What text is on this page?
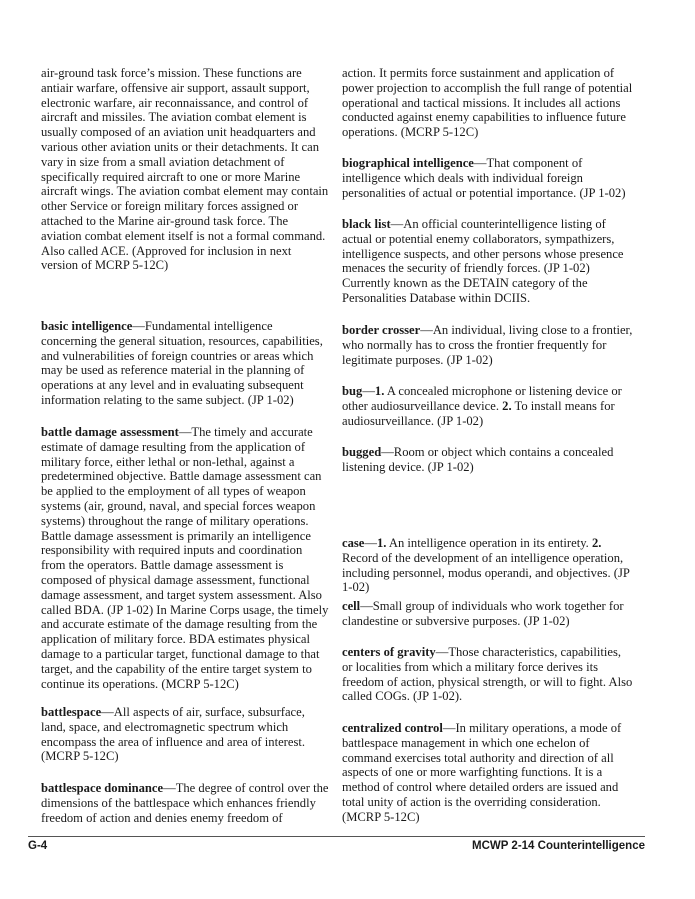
air-ground task force’s mission. These functions are antiair warfare, offensive air support, assault support, electronic warfare, air reconnaissance, and control of aircraft and missiles. The aviation combat element is usually composed of an aviation unit headquarters and various other aviation units or their detachments. It can vary in size from a small aviation detachment of specifically required aircraft to one or more Marine aircraft wings. The aviation combat element may contain other Service or foreign military forces assigned or attached to the Marine air-ground task force. The aviation combat element itself is not a formal command. Also called ACE. (Approved for inclusion in next version of MCRP 5-12C)

basic intelligence—Fundamental intelligence concerning the general situation, resources, capabilities, and vulnerabilities of foreign countries or areas which may be used as reference material in the planning of operations at any level and in evaluating subsequent information relating to the same subject. (JP 1-02)

battle damage assessment—The timely and accurate estimate of damage resulting from the application of military force, either lethal or non-lethal, against a predetermined objective. Battle damage assessment can be applied to the employment of all types of weapon systems (air, ground, naval, and special forces weapon systems) throughout the range of military operations. Battle damage assessment is primarily an intelligence responsibility with required inputs and coordination from the operators. Battle damage assessment is composed of physical damage assessment, functional damage assessment, and target system assessment. Also called BDA. (JP 1-02) In Marine Corps usage, the timely and accurate estimate of the damage resulting from the application of military force. BDA estimates physical damage to a particular target, functional damage to that target, and the capability of the entire target system to continue its operations. (MCRP 5-12C)

battlespace—All aspects of air, surface, subsurface, land, space, and electromagnetic spectrum which encompass the area of influence and area of interest. (MCRP 5-12C)

battlespace dominance—The degree of control over the dimensions of the battlespace which enhances friendly freedom of action and denies enemy freedom of

action. It permits force sustainment and application of power projection to accomplish the full range of potential operational and tactical missions. It includes all actions conducted against enemy capabilities to influence future operations. (MCRP 5-12C)

biographical intelligence—That component of intelligence which deals with individual foreign personalities of actual or potential importance. (JP 1-02)

black list—An official counterintelligence listing of actual or potential enemy collaborators, sympathizers, intelligence suspects, and other persons whose presence menaces the security of friendly forces. (JP 1-02) Currently known as the DETAIN category of the Personalities Database within DCIIS.

border crosser—An individual, living close to a frontier, who normally has to cross the frontier frequently for legitimate purposes. (JP 1-02)

bug—1. A concealed microphone or listening device or other audiosurveillance device. 2. To install means for audiosurveillance. (JP 1-02)

bugged—Room or object which contains a concealed listening device. (JP 1-02)

case—1. An intelligence operation in its entirety. 2. Record of the development of an intelligence operation, including personnel, modus operandi, and objectives. (JP 1-02)

cell—Small group of individuals who work together for clandestine or subversive purposes. (JP 1-02)

centers of gravity—Those characteristics, capabilities, or localities from which a military force derives its freedom of action, physical strength, or will to fight. Also called COGs. (JP 1-02).

centralized control—In military operations, a mode of battlespace management in which one echelon of command exercises total authority and direction of all aspects of one or more warfighting functions. It is a method of control where detailed orders are issued and total unity of action is the overriding consideration. (MCRP 5-12C)

G-4	MCWP 2-14 Counterintelligence
